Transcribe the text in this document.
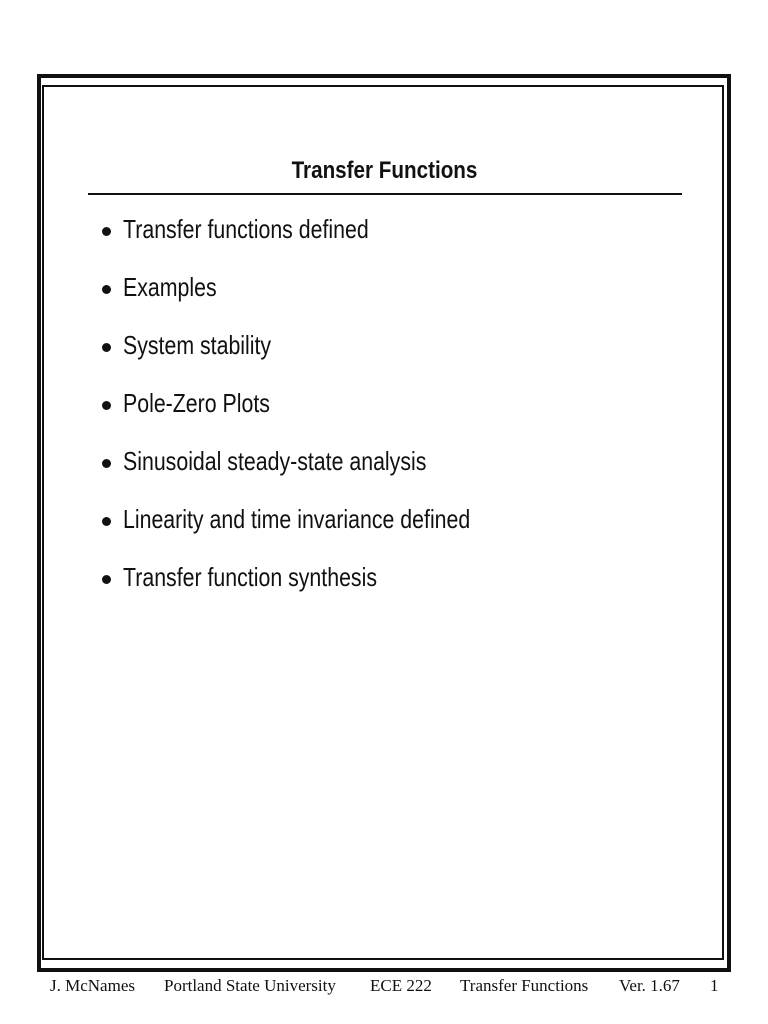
Transfer Functions
Transfer functions defined
Examples
System stability
Pole-Zero Plots
Sinusoidal steady-state analysis
Linearity and time invariance defined
Transfer function synthesis
J. McNames Portland State University ECE 222 Transfer Functions Ver. 1.67 1
